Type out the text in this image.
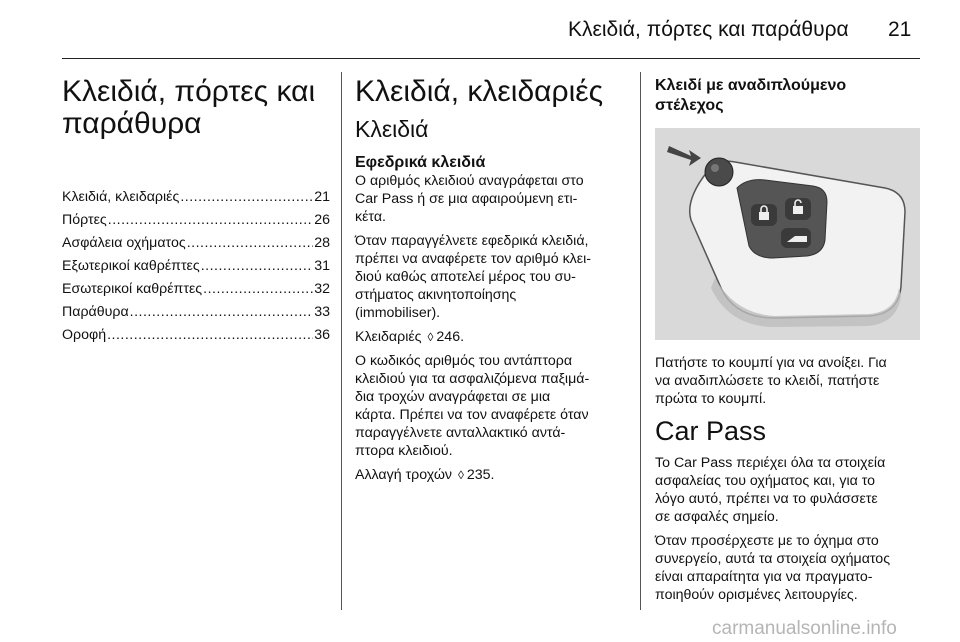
Κλειδιά, πόρτες και παράθυρα 21
Κλειδιά, πόρτες και
παράθυρα
Κλειδιά, κλειδαριές .....	21
Πόρτες .....	26
Ασφάλεια οχήματος .....	28
Εξωτερικοί καθρέπτες .....	31
Εσωτερικοί καθρέπτες .....	32
Παράθυρα .....	33
Οροφή .....	36
Κλειδιά, κλειδαριές
Κλειδιά
Εφεδρικά κλειδιά

Ο αριθμός κλειδιού αναγράφεται στο
Car Pass ή σε μια αφαιρούμενη ετι-
κέτα.

Όταν παραγγέλνετε εφεδρικά κλειδιά,
πρέπει να αναφέρετε τον αριθμό κλει-
διού καθώς αποτελεί μέρος του συ-
στήματος ακινητοποίησης
(immobiliser).

Κλειδαριές ◊ 246.

Ο κωδικός αριθμός του αντάπτορα
κλειδιού για τα ασφαλιζόμενα παξιμά-
δια τροχών αναγράφεται σε μια
κάρτα. Πρέπει να τον αναφέρετε όταν
παραγγέλνετε ανταλλακτικό αντά-
πτορα κλειδιού.

Αλλαγή τροχών ◊ 235.

Κλειδί με αναδιπλούμενο
στέλεχος

Πατήστε το κουμπί για να ανοίξει. Για
να αναδιπλώσετε το κλειδί, πατήστε
πρώτα το κουμπί.

Car Pass

Το Car Pass περιέχει όλα τα στοιχεία
ασφαλείας του οχήματος και, για το
λόγο αυτό, πρέπει να το φυλάσσετε
σε ασφαλές σημείο.

Όταν προσέρχεστε με το όχημα στο
συνεργείο, αυτά τα στοιχεία οχήματος
είναι απαραίτητα για να πραγματο-
ποιηθούν ορισμένες λειτουργίες.

carmanualsonline.info
